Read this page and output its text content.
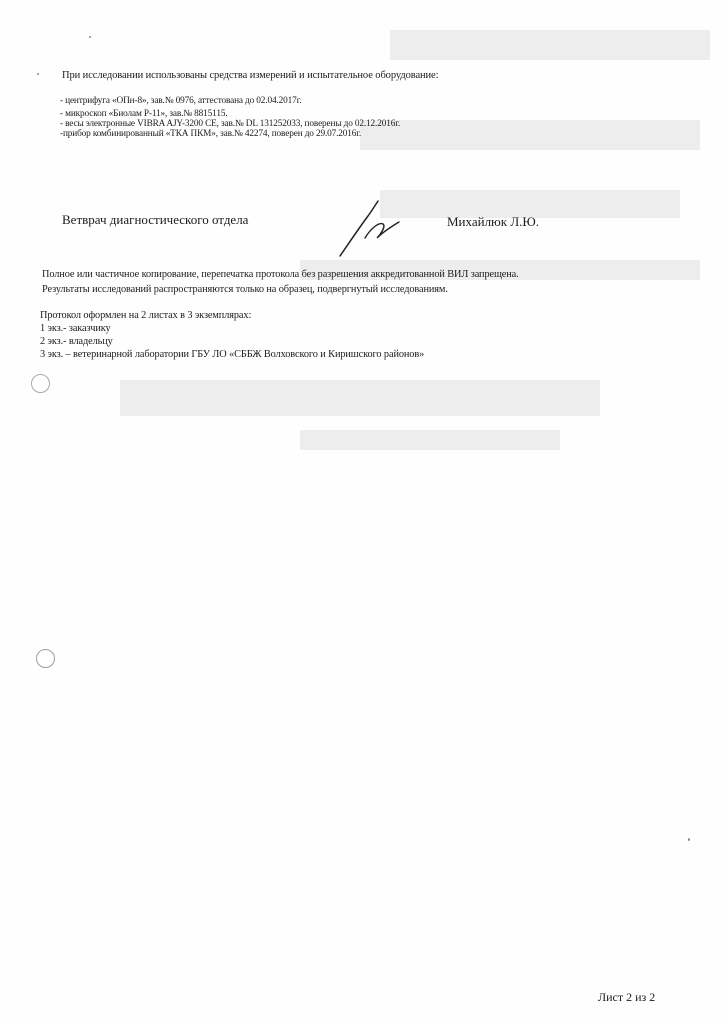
При исследовании использованы средства измерений и испытательное оборудование:
- центрифуга «ОПн-8», зав.№ 0976, аттестована до 02.04.2017г.
- микроскоп «Биолам Р-11», зав.№ 8815115.
- весы электронные VIBRA AJY-3200 CE, зав.№ DL 131252033, поверены до 02.12.2016г.
-прибор комбинированный «ТКА ПКМ», зав.№ 42274, поверен до 29.07.2016г.
Ветврач диагностического отдела	Михайлюк Л.Ю.
Полное или частичное копирование, перепечатка протокола без разрешения аккредитованной ВИЛ запрещена.
Результаты исследований распространяются только на образец, подвергнутый исследованиям.
Протокол оформлен на 2 листах в 3 экземплярах:
1 экз.- заказчику
2 экз.- владельцу
3 экз. – ветеринарной лаборатории ГБУ ЛО «СББЖ Волховского и Киришского районов»
Лист 2 из 2
